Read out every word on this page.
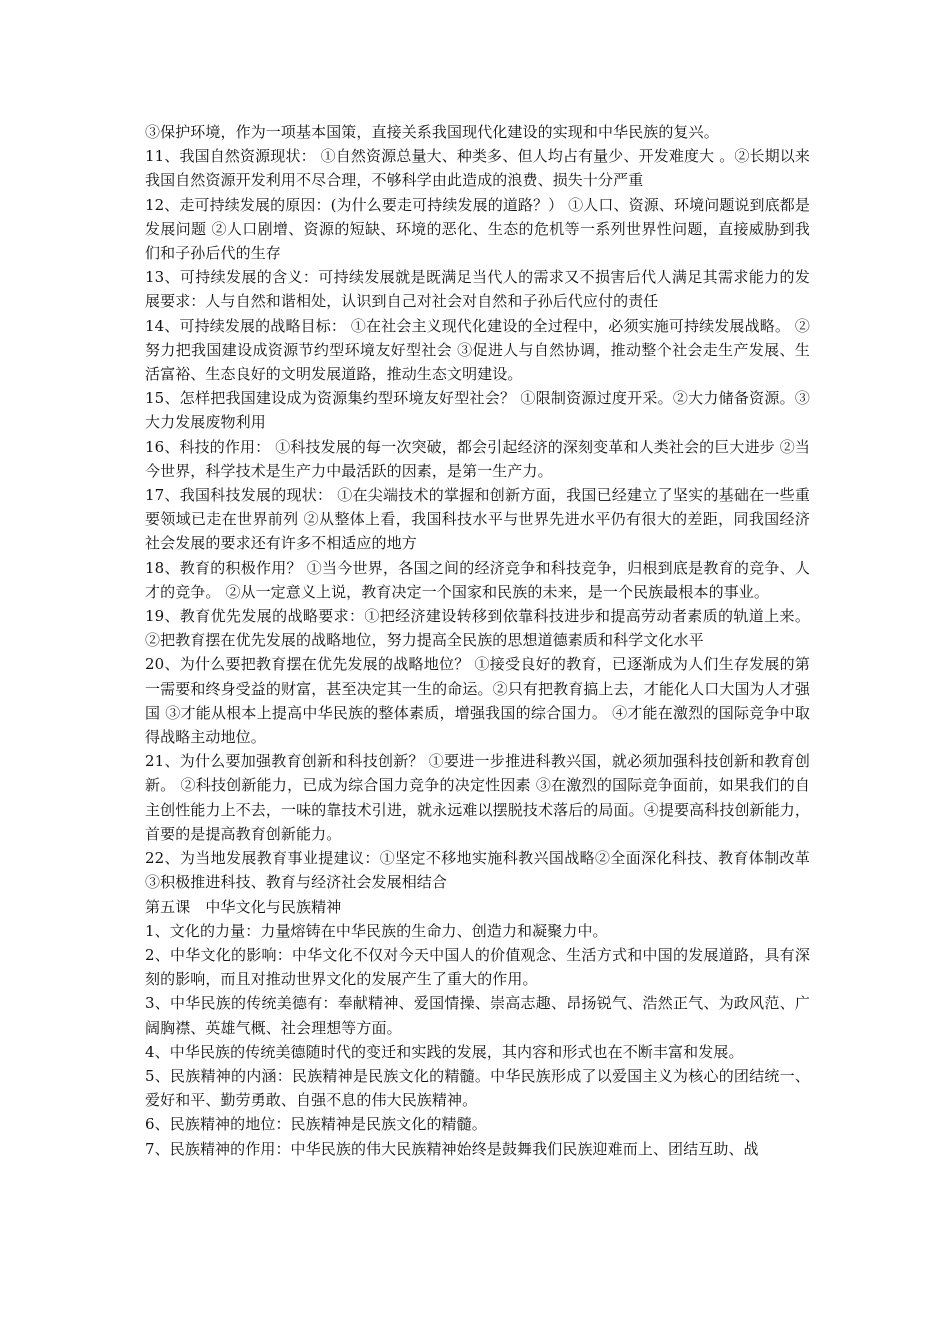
③保护环境，作为一项基本国策，直接关系我国现代化建设的实现和中华民族的复兴。

11、我国自然资源现状： ①自然资源总量大、种类多、但人均占有量少、开发难度大 。②长期以来我国自然资源开发利用不尽合理，不够科学由此造成的浪费、损失十分严重

12、走可持续发展的原因：(为什么要走可持续发展的道路？） ①人口、资源、环境问题说到底都是发展问题 ②人口剧增、资源的短缺、环境的恶化、生态的危机等一系列世界性问题，直接威胁到我们和子孙后代的生存

13、可持续发展的含义：可持续发展就是既满足当代人的需求又不损害后代人满足其需求能力的发展要求：人与自然和谐相处，认识到自己对社会对自然和子孙后代应付的责任

14、可持续发展的战略目标： ①在社会主义现代化建设的全过程中，必须实施可持续发展战略。 ②努力把我国建设成资源节约型环境友好型社会 ③促进人与自然协调，推动整个社会走生产发展、生活富裕、生态良好的文明发展道路，推动生态文明建设。

15、怎样把我国建设成为资源集约型环境友好型社会？ ①限制资源过度开采。②大力储备资源。③大力发展废物利用

16、科技的作用： ①科技发展的每一次突破，都会引起经济的深刻变革和人类社会的巨大进步 ②当今世界，科学技术是生产力中最活跃的因素，是第一生产力。

17、我国科技发展的现状： ①在尖端技术的掌握和创新方面，我国已经建立了坚实的基础在一些重要领域已走在世界前列 ②从整体上看，我国科技水平与世界先进水平仍有很大的差距，同我国经济社会发展的要求还有许多不相适应的地方

18、教育的积极作用？ ①当今世界，各国之间的经济竞争和科技竞争，归根到底是教育的竞争、人才的竞争。 ②从一定意义上说，教育决定一个国家和民族的未来，是一个民族最根本的事业。

19、教育优先发展的战略要求：①把经济建设转移到依靠科技进步和提高劳动者素质的轨道上来。②把教育摆在优先发展的战略地位，努力提高全民族的思想道德素质和科学文化水平

20、为什么要把教育摆在优先发展的战略地位？ ①接受良好的教育，已逐渐成为人们生存发展的第一需要和终身受益的财富，甚至决定其一生的命运。②只有把教育搞上去，才能化人口大国为人才强国 ③才能从根本上提高中华民族的整体素质，增强我国的综合国力。 ④才能在激烈的国际竞争中取得战略主动地位。

21、为什么要加强教育创新和科技创新？ ①要进一步推进科教兴国，就必须加强科技创新和教育创新。 ②科技创新能力，已成为综合国力竞争的决定性因素 ③在激烈的国际竞争面前，如果我们的自主创性能力上不去，一味的靠技术引进，就永远难以摆脱技术落后的局面。④提要高科技创新能力，首要的是提高教育创新能力。

22、为当地发展教育事业提建议：①坚定不移地实施科教兴国战略②全面深化科技、教育体制改革③积极推进科技、教育与经济社会发展相结合

第五课　中华文化与民族精神

1、文化的力量：力量熔铸在中华民族的生命力、创造力和凝聚力中。

2、中华文化的影响：中华文化不仅对今天中国人的价值观念、生活方式和中国的发展道路，具有深刻的影响，而且对推动世界文化的发展产生了重大的作用。

3、中华民族的传统美德有：奉献精神、爱国情操、崇高志趣、昂扬锐气、浩然正气、为政风范、广阔胸襟、英雄气概、社会理想等方面。

4、中华民族的传统美德随时代的变迁和实践的发展，其内容和形式也在不断丰富和发展。

5、民族精神的内涵：民族精神是民族文化的精髓。中华民族形成了以爱国主义为核心的团结统一、爱好和平、勤劳勇敢、自强不息的伟大民族精神。

6、民族精神的地位：民族精神是民族文化的精髓。

7、民族精神的作用：中华民族的伟大民族精神始终是鼓舞我们民族迎难而上、团结互助、战
